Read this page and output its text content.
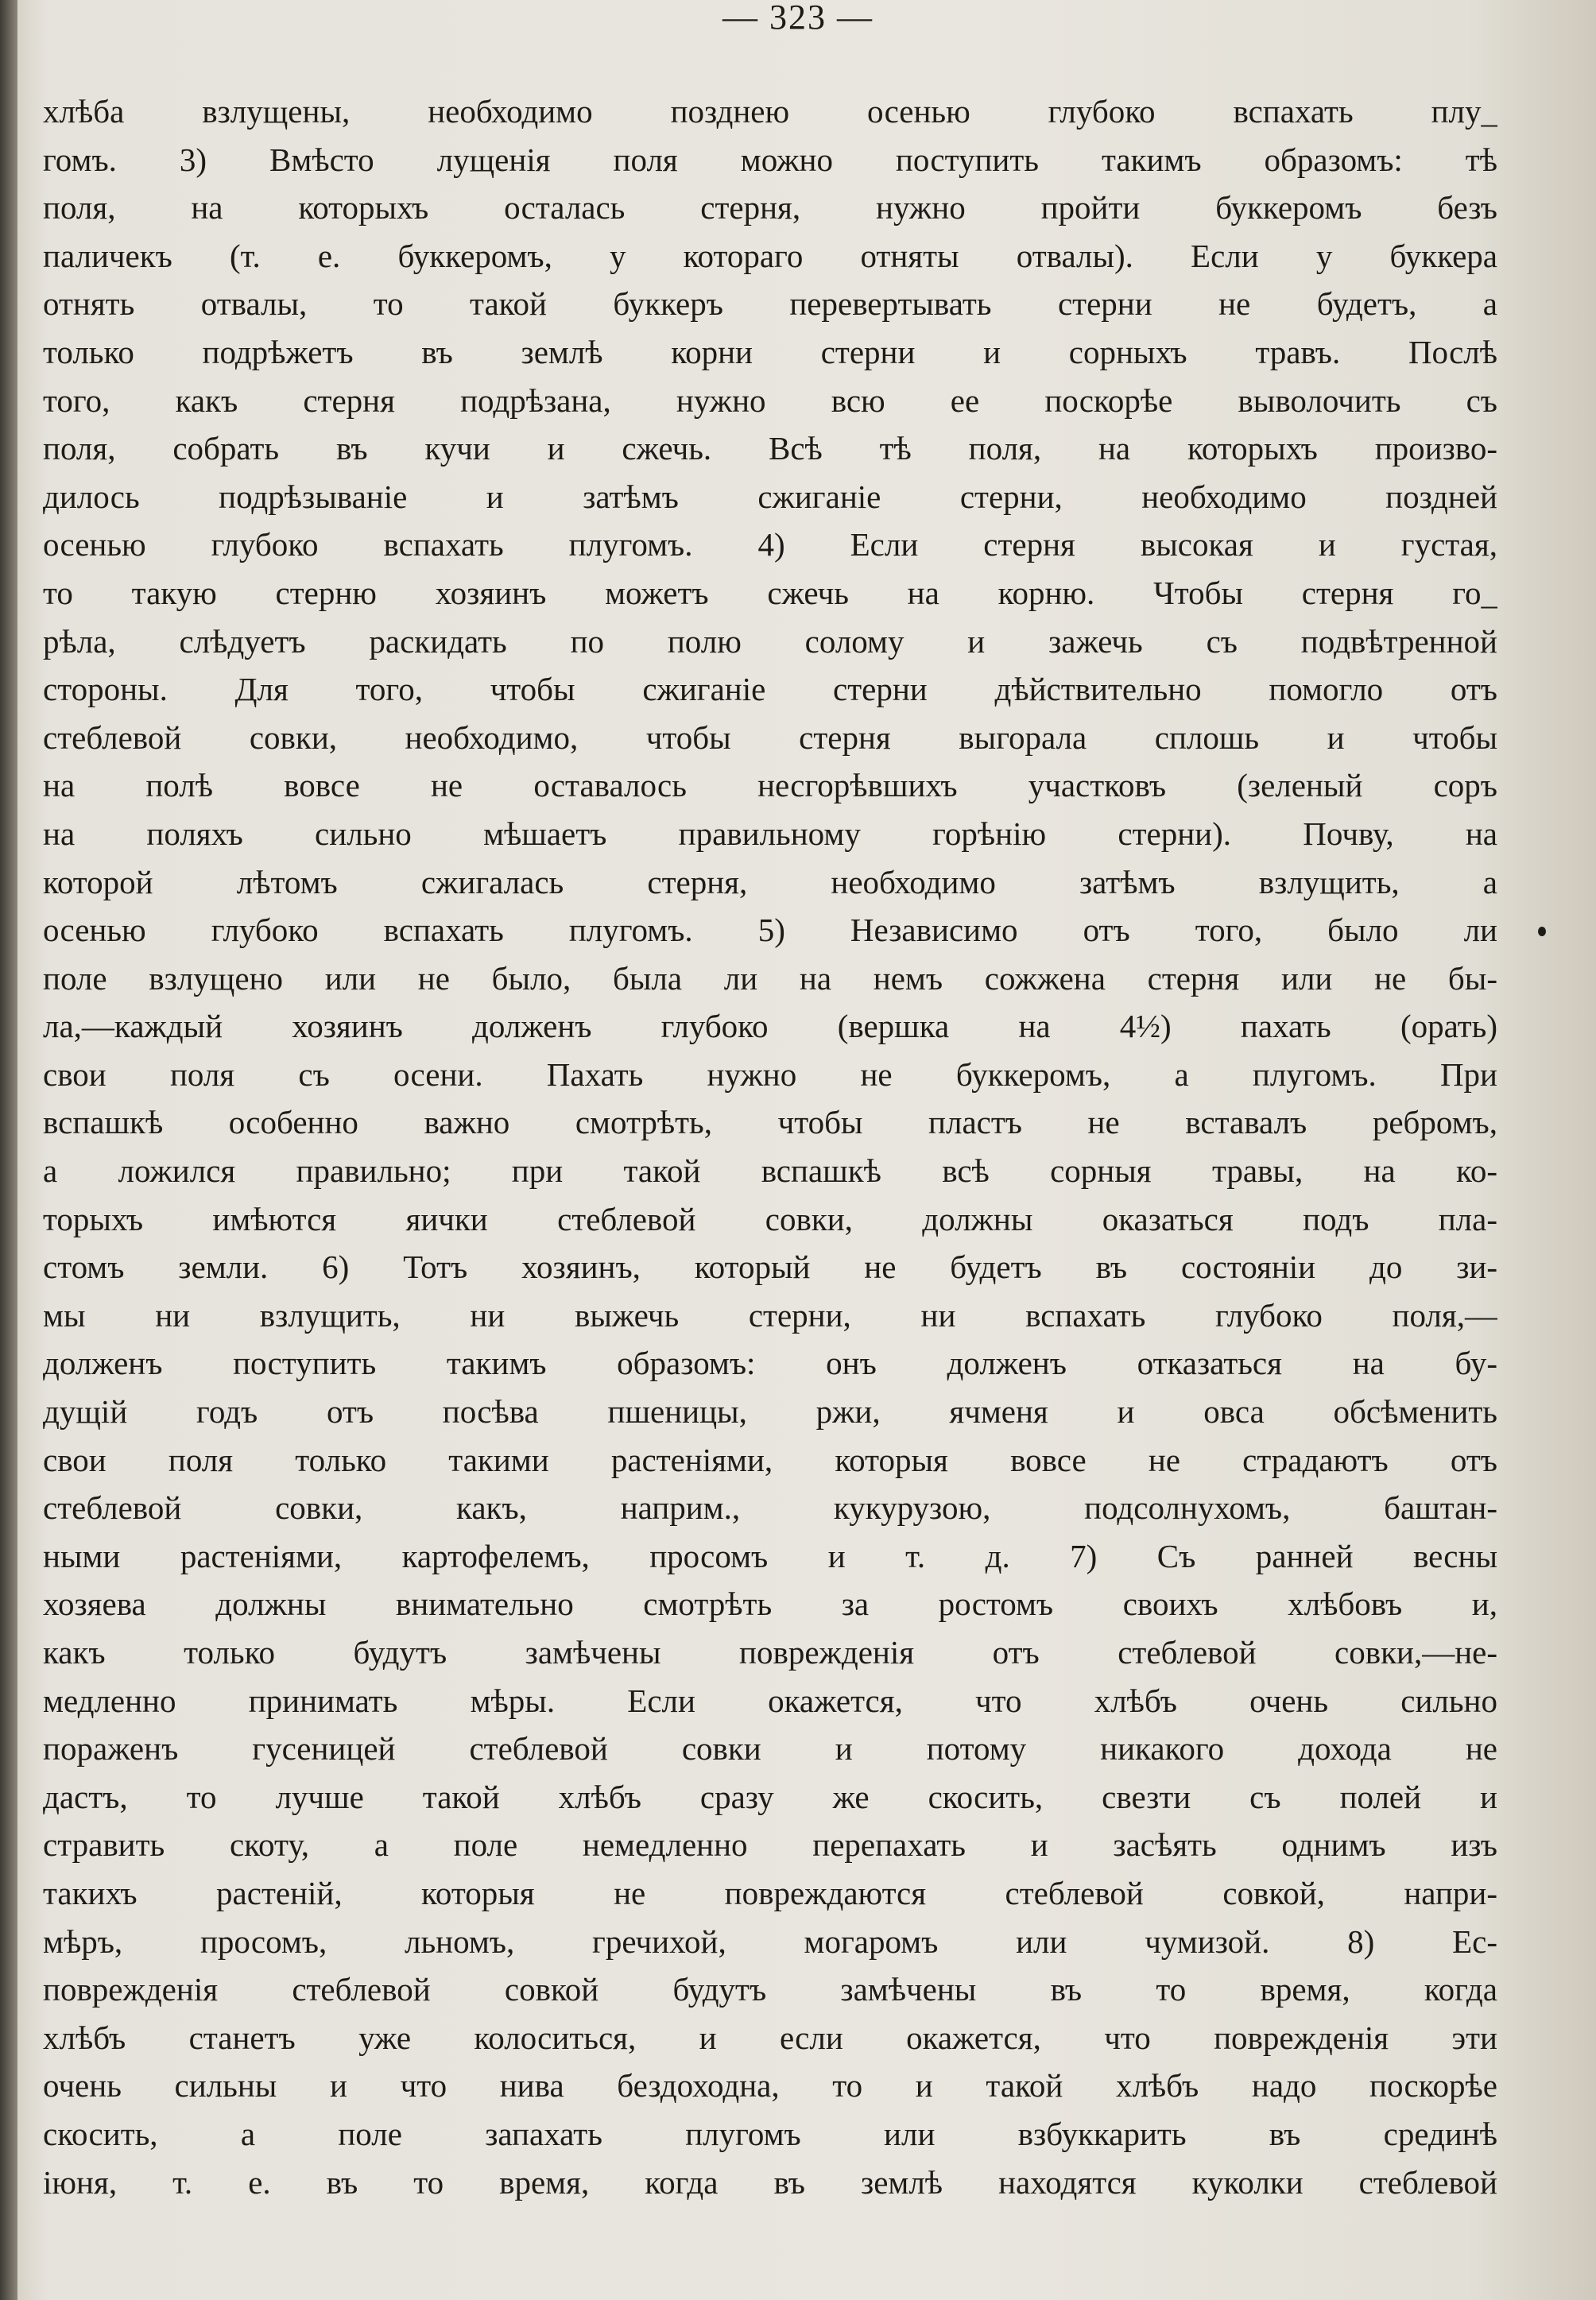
— 323 —
хлѣба взлущены, необходимо позднею осенью глубоко вспахать плу_
гомъ. 3) Вмѣсто лущенія поля можно поступить такимъ образомъ: тѣ
поля, на которыхъ осталась стерня, нужно пройти буккеромъ безъ
паличекъ (т. е. буккеромъ, у котораго отняты отвалы). Если у буккера
отнять отвалы, то такой буккеръ перевертывать стерни не будетъ, а
только подрѣжетъ въ землѣ корни стерни и сорныхъ травъ. Послѣ
того, какъ стерня подрѣзана, нужно всю ее поскорѣе выволочить съ
поля, собрать въ кучи и сжечь. Всѣ тѣ поля, на которыхъ произво-
дилось подрѣзываніе и затѣмъ сжиганіе стерни, необходимо поздней
осенью глубоко вспахать плугомъ. 4) Если стерня высокая и густая,
то такую стерню хозяинъ можетъ сжечь на корню. Чтобы стерня го_
рѣла, слѣдуетъ раскидать по полю солому и зажечь съ подвѣтренной
стороны. Для того, чтобы сжиганіе стерни дѣйствительно помогло отъ
стеблевой совки, необходимо, чтобы стерня выгорала сплошь и чтобы
на полѣ вовсе не оставалось несгорѣвшихъ участковъ (зеленый соръ
на поляхъ сильно мѣшаетъ правильному горѣнію стерни). Почву, на
которой лѣтомъ сжигалась стерня, необходимо затѣмъ взлущить, а
осенью глубоко вспахать плугомъ. 5) Независимо отъ того, было ли
поле взлущено или не было, была ли на немъ сожжена стерня или не бы-
ла,—каждый хозяинъ долженъ глубоко (вершка на 4½) пахать (орать)
свои поля съ осени. Пахать нужно не буккеромъ, а плугомъ. При
вспашкѣ особенно важно смотрѣть, чтобы пластъ не вставалъ ребромъ,
а ложился правильно; при такой вспашкѣ всѣ сорныя травы, на ко-
торыхъ имѣются яички стеблевой совки, должны оказаться подъ пла-
стомъ земли. 6) Тотъ хозяинъ, который не будетъ въ состояніи до зи-
мы ни взлущить, ни выжечь стерни, ни вспахать глубоко поля,—
долженъ поступить такимъ образомъ: онъ долженъ отказаться на бу-
дущій годъ отъ посѣва пшеницы, ржи, ячменя и овса обсѣменить
свои поля только такими растеніями, которыя вовсе не страдаютъ отъ
стеблевой совки, какъ, наприм., кукурузою, подсолнухомъ, баштан-
ными растеніями, картофелемъ, просомъ и т. д. 7) Съ ранней весны
хозяева должны внимательно смотрѣть за ростомъ своихъ хлѣбовъ и,
какъ только будутъ замѣчены поврежденія отъ стеблевой совки,—не-
медленно принимать мѣры. Если окажется, что хлѣбъ очень сильно
пораженъ гусеницей стеблевой совки и потому никакого дохода не
дастъ, то лучше такой хлѣбъ сразу же скосить, свезти съ полей и
стравить скоту, а поле немедленно перепахать и засѣять однимъ изъ
такихъ растеній, которыя не повреждаются стеблевой совкой, напри-
мѣръ, просомъ, льномъ, гречихой, могаромъ или чумизой. 8) Ес-
поврежденія стеблевой совкой будутъ замѣчены въ то время, когда
хлѣбъ станетъ уже колоситься, и если окажется, что поврежденія эти
очень сильны и что нива бездоходна, то и такой хлѣбъ надо поскорѣе
скосить, а поле запахать плугомъ или взбуккарить въ срединѣ
іюня, т. е. въ то время, когда въ землѣ находятся куколки стеблевой
